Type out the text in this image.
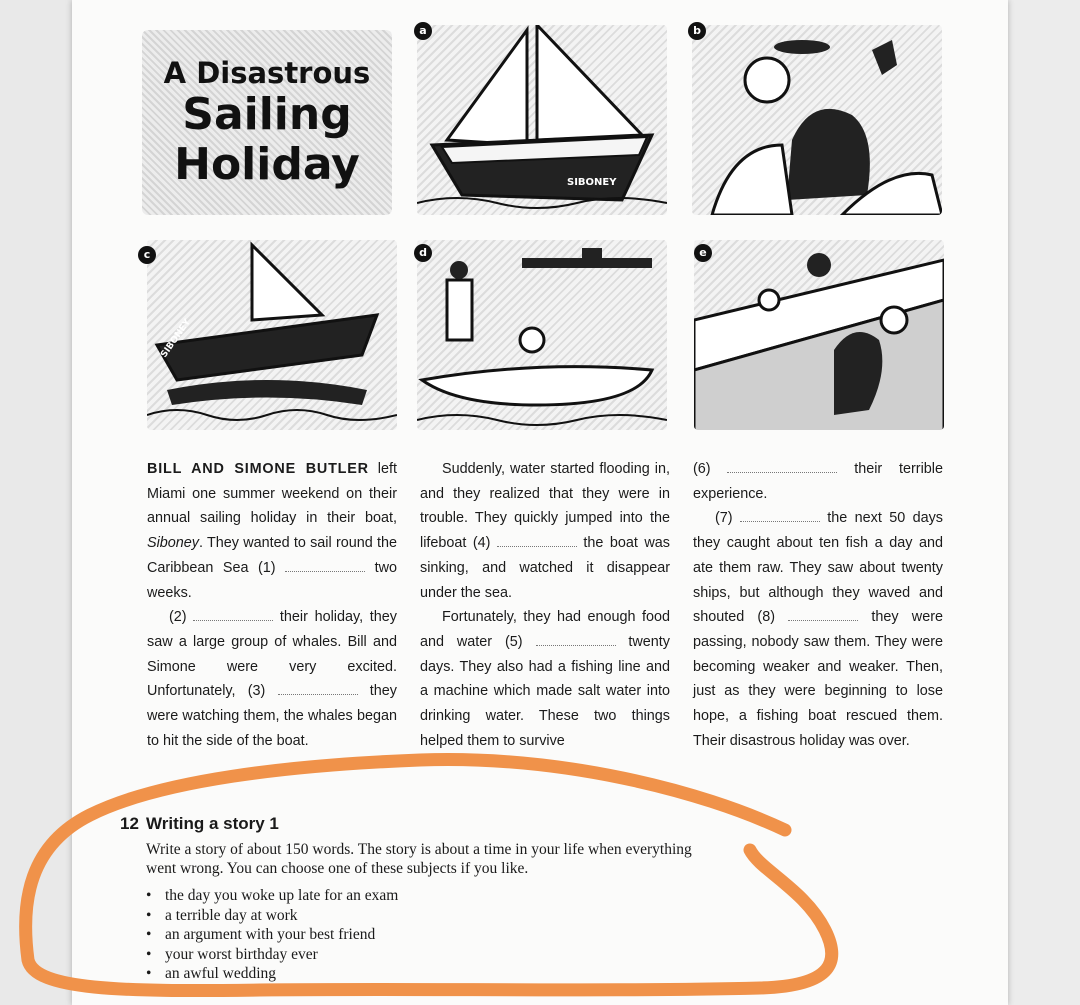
A Disastrous
Sailing
Holiday	SIBONEY
a	b
SIBONEY
c	d	e

BILL AND SIMONE BUTLER left Miami one summer weekend on their annual sailing holiday in their boat, Siboney. They wanted to sail round the Caribbean Sea (1)	two weeks.

(2)	their holiday, they saw a large group of whales. Bill and Simone were very excited. Unfortunately, (3)	they were watching them, the whales began to hit the side of the boat.

Suddenly, water started flooding in, and they realized that they were in trouble. They quickly jumped into the lifeboat (4)	the boat was sinking, and watched it disappear under the sea.

Fortunately, they had enough food and water (5)	twenty days. They also had a fishing line and a machine which made salt water into drinking water. These two things helped them to survive

(6)	their terrible experience.

(7)	the next 50 days they caught about ten fish a day and ate them raw. They saw about twenty ships, but although they waved and shouted (8)	they were passing, nobody saw them. They were becoming weaker and weaker. Then, just as they were beginning to lose hope, a fishing boat rescued them. Their disastrous holiday was over.

12 Writing a story 1
Write a story of about 150 words. The story is about a time in your life when everything went wrong. You can choose one of these subjects if you like.
• the day you woke up late for an exam
• a terrible day at work
• an argument with your best friend
• your worst birthday ever
• an awful wedding
